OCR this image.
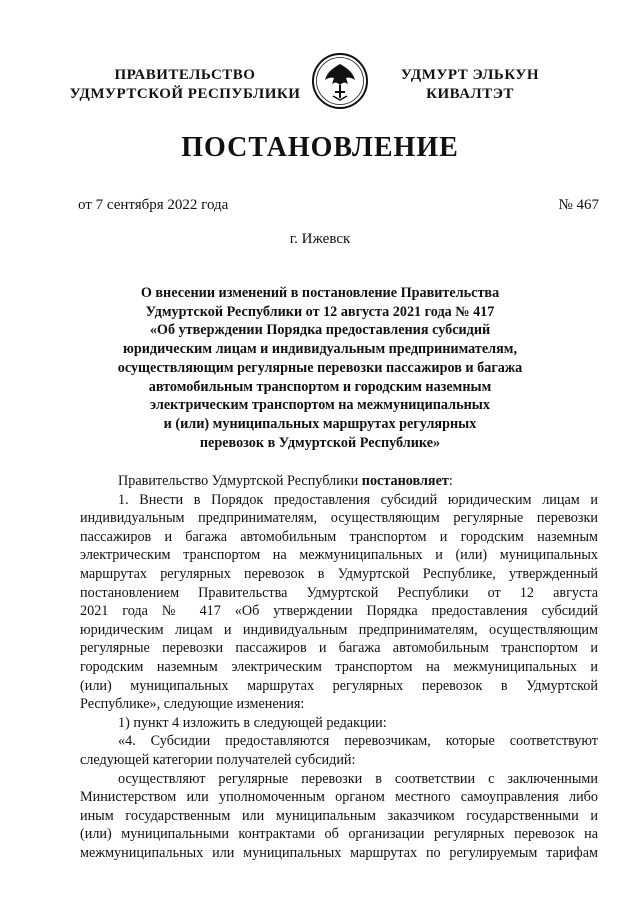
ПРАВИТЕЛЬСТВО
УДМУРТСКОЙ РЕСПУБЛИКИ
УДМУРТ ЭЛЬКУН
КИВАЛТЭТ
ПОСТАНОВЛЕНИЕ
от 7 сентября 2022 года	№ 467
г. Ижевск
О внесении изменений в постановление Правительства
Удмуртской Республики от 12 августа 2021 года № 417
«Об утверждении Порядка предоставления субсидий
юридическим лицам и индивидуальным предпринимателям,
осуществляющим регулярные перевозки пассажиров и багажа
автомобильным транспортом и городским наземным
электрическим транспортом на межмуниципальных
и (или) муниципальных маршрутах регулярных
перевозок в Удмуртской Республике»
Правительство Удмуртской Республики постановляет:
1. Внести в Порядок предоставления субсидий юридическим лицам и
индивидуальным предпринимателям, осуществляющим регулярные перевозки
пассажиров и багажа автомобильным транспортом и городским наземным
электрическим транспортом на межмуниципальных и (или) муниципальных
маршрутах регулярных перевозок в Удмуртской Республике, утвержденный
постановлением Правительства Удмуртской Республики от 12 августа
2021 года № 417 «Об утверждении Порядка предоставления субсидий
юридическим лицам и индивидуальным предпринимателям, осуществляющим
регулярные перевозки пассажиров и багажа автомобильным транспортом и
городским наземным электрическим транспортом на межмуниципальных и
(или) муниципальных маршрутах регулярных перевозок в Удмуртской
Республике», следующие изменения:
1) пункт 4 изложить в следующей редакции:
«4. Субсидии предоставляются перевозчикам, которые соответствуют
следующей категории получателей субсидий:
осуществляют регулярные перевозки в соответствии с заключенными
Министерством или уполномоченным органом местного самоуправления либо
иным государственным или муниципальным заказчиком государственными и
(или) муниципальными контрактами об организации регулярных перевозок на
межмуниципальных или муниципальных маршрутах по регулируемым тарифам
